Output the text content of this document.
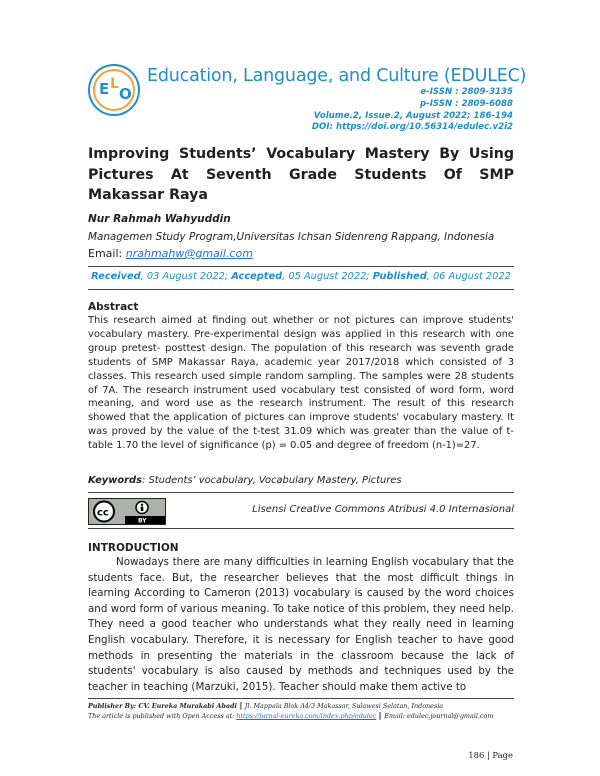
E L
O
Education, Language, and Culture (EDULEC)
e-ISSN : 2809-3135
p-ISSN : 2809-6088
Volume.2, Issue.2, August 2022; 186-194
DOI: https://doi.org/10.56314/edulec.v2i2
Improving Students’ Vocabulary Mastery By Using Pictures At Seventh Grade Students Of SMP Makassar Raya
Nur Rahmah Wahyuddin
Managemen Study Program,Universitas Ichsan Sidenreng Rappang, Indonesia
Email: nrahmahw@gmail.com
Received, 03 August 2022; Accepted, 05 August 2022; Published, 06 August 2022
Abstract
This research aimed at finding out whether or not pictures can improve students' vocabulary mastery. Pre-experimental design was applied in this research with one group pretest- posttest design. The population of this research was seventh grade students of SMP Makassar Raya, academic year 2017/2018 which consisted of 3 classes. This research used simple random sampling. The samples were 28 students of 7A. The research instrument used vocabulary test consisted of word form, word meaning, and word use as the research instrument. The result of this research showed that the application of pictures can improve students' vocabulary mastery. It was proved by the value of the t-test 31.09 which was greater than the value of t-table 1.70 the level of significance (p) = 0.05 and degree of freedom (n-1)=27.
Keywords: Students’ vocabulary, Vocabulary Mastery, Pictures
cc
BY
Lisensi Creative Commons Atribusi 4.0 Internasional
INTRODUCTION
Nowadays there are many difficulties in learning English vocabulary that the students face. But, the researcher believes that the most difficult things in learning According to Cameron (2013) vocabulary is caused by the word choices and word form of various meaning. To take notice of this problem, they need help. They need a good teacher who understands what they really need in learning English vocabulary. Therefore, it is necessary for English teacher to have good methods in presenting the materials in the classroom because the lack of students' vocabulary is also caused by methods and techniques used by the teacher in teaching (Marzuki, 2015). Teacher should make them active to
Publisher By: CV. Eureka Murakabi Abadi ║ Jl. Mappala Blok A4/3 Makassar, Sulawesi Selatan, Indonesia
The article is published with Open Access at: https://jurnal-eureka.com/index.php/edulec ║ Email: edulec.journal@gmail.com
186 | Page
